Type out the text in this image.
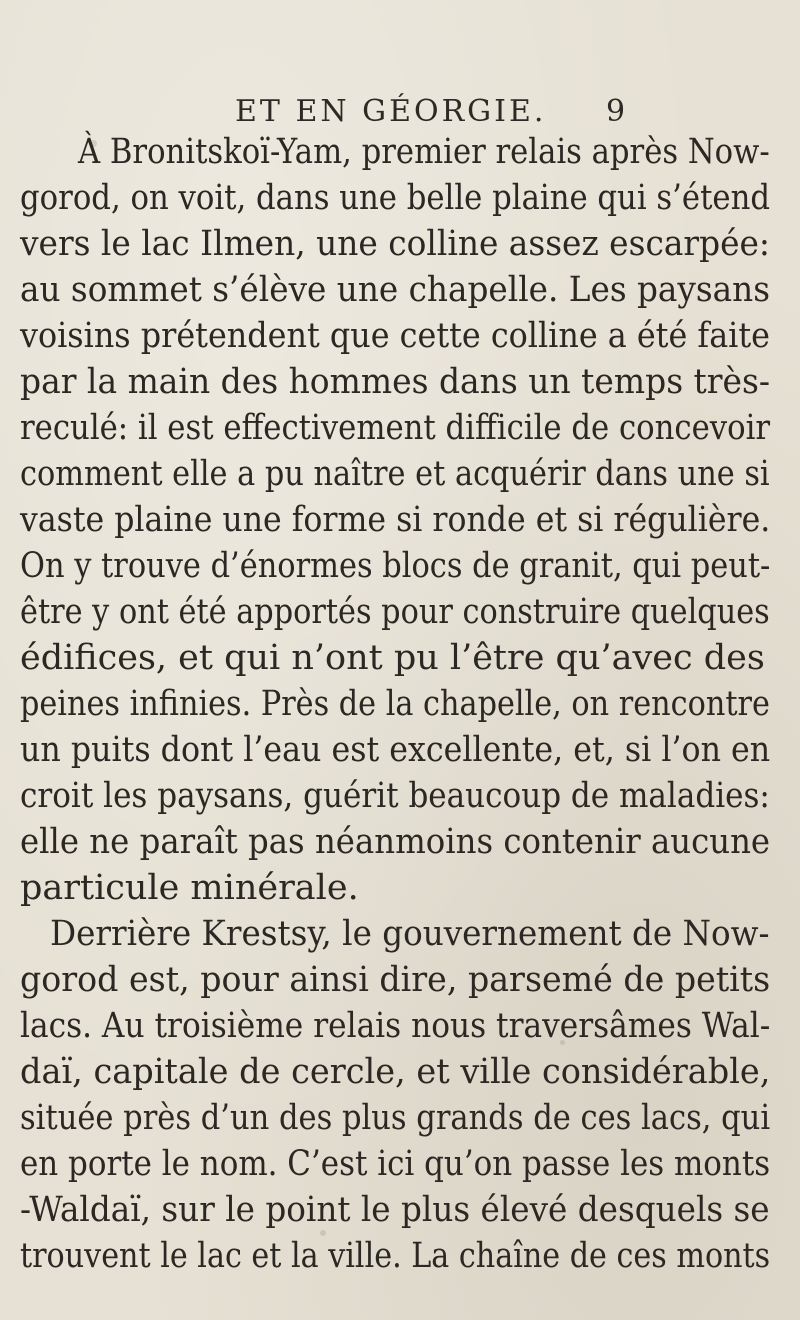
ET EN GÉORGIE. 9
À Bronitskoï-Yam, premier relais après Now-
gorod, on voit, dans une belle plaine qui s’étend
vers le lac Ilmen, une colline assez escarpée:
au sommet s’élève une chapelle. Les paysans
voisins prétendent que cette colline a été faite
par la main des hommes dans un temps très-
reculé: il est effectivement difficile de concevoir
comment elle a pu naître et acquérir dans une si
vaste plaine une forme si ronde et si régulière.
On y trouve d’énormes blocs de granit, qui peut-
être y ont été apportés pour construire quelques
édifices, et qui n’ont pu l’être qu’avec des
peines infinies. Près de la chapelle, on rencontre
un puits dont l’eau est excellente, et, si l’on en
croit les paysans, guérit beaucoup de maladies:
elle ne paraît pas néanmoins contenir aucune
particule minérale.
Derrière Krestsy, le gouvernement de Now-
gorod est, pour ainsi dire, parsemé de petits
lacs. Au troisième relais nous traversâmes Wal-
daï, capitale de cercle, et ville considérable,
située près d’un des plus grands de ces lacs, qui
en porte le nom. C’est ici qu’on passe les monts
-Waldaï, sur le point le plus élevé desquels se
trouvent le lac et la ville. La chaîne de ces monts
